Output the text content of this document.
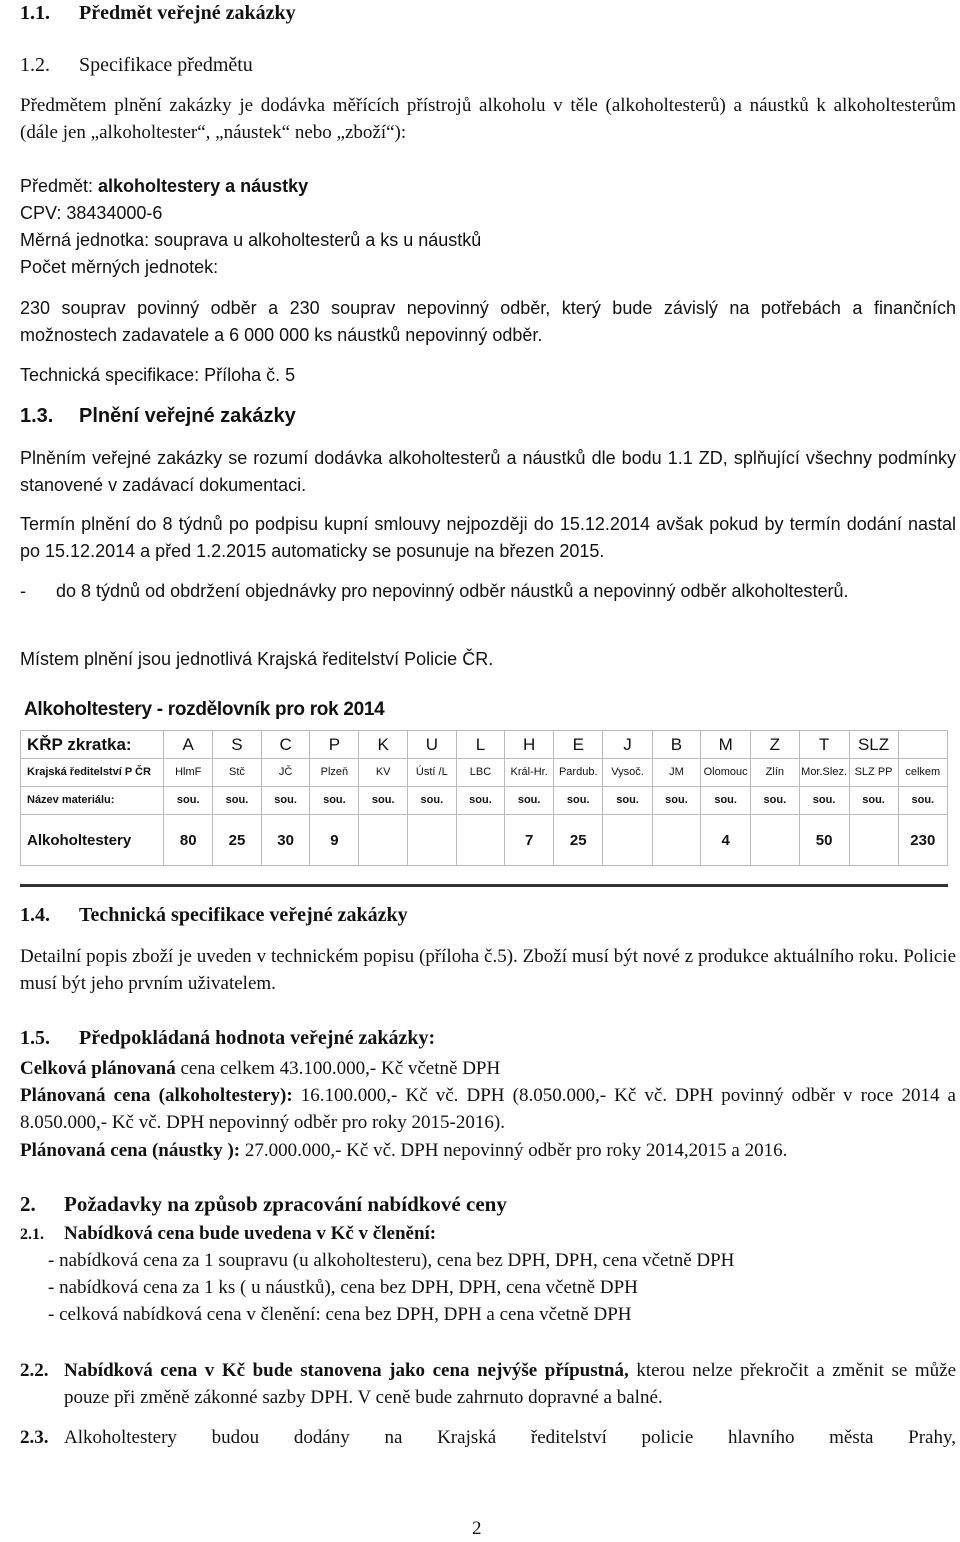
1.1. Předmět veřejné zakázky

1.2. Specifikace předmětu

Předmětem plnění zakázky je dodávka měřících přístrojů alkoholu v těle (alkoholtesterů) a náustků k alkoholtesterům (dále jen „alkoholtester“, „náustek“ nebo „zboží“):

Předmět: alkoholtestery a náustky
CPV: 38434000-6
Měrná jednotka: souprava u alkoholtesterů a ks u náustků
Počet měrných jednotek:

230 souprav povinný odběr a 230 souprav nepovinný odběr, který bude závislý na potřebách a finančních možnostech zadavatele a 6 000 000 ks náustků nepovinný odběr.

Technická specifikace: Příloha č. 5

1.3. Plnění veřejné zakázky

Plněním veřejné zakázky se rozumí dodávka alkoholtesterů a náustků dle bodu 1.1 ZD, splňující všechny podmínky stanovené v zadávací dokumentaci.

Termín plnění do 8 týdnů po podpisu kupní smlouvy nejpozději do 15.12.2014 avšak pokud by termín dodání nastal po 15.12.2014 a před 1.2.2015 automaticky se posunuje na březen 2015.

-	do 8 týdnů od obdržení objednávky pro nepovinný odběr náustků a nepovinný odběr alkoholtesterů.

Místem plnění jsou jednotlivá Krajská ředitelství Policie ČR.

Alkoholtestery - rozdělovník pro rok 2014
KŘP zkratka:	A	S	C	P	K	U	L	H	E	J	B	M	Z	T	SLZ	
Krajská ředitelství P ČR	HlmF	Stč	JČ	Plzeň	KV	Ústí /L	LBC	Král-Hr.	Pardub.	Vysoč.	JM	Olomouc	Zlín	Mor.Slez.	SLZ PP	celkem
Název materiálu:	sou.	sou.	sou.	sou.	sou.	sou.	sou.	sou.	sou.	sou.	sou.	sou.	sou.	sou.	sou.	sou.
Alkoholtestery	80	25	30	9				7	25			4		50		230

1.4. Technická specifikace veřejné zakázky

Detailní popis zboží je uveden v technickém popisu (příloha č.5). Zboží musí být nové z produkce aktuálního roku. Policie musí být jeho prvním uživatelem.

1.5. Předpokládaná hodnota veřejné zakázky:

Celková plánovaná cena celkem 43.100.000,- Kč včetně DPH

Plánovaná cena (alkoholtestery): 16.100.000,- Kč vč. DPH (8.050.000,- Kč vč. DPH povinný odběr v roce 2014 a 8.050.000,- Kč vč. DPH nepovinný odběr pro roky 2015-2016).

Plánovaná cena (náustky ): 27.000.000,- Kč vč. DPH nepovinný odběr pro roky 2014,2015 a 2016.

2. Požadavky na způsob zpracování nabídkové ceny

2.1. Nabídková cena bude uvedena v Kč v členění:

- nabídková cena za 1 soupravu (u alkoholtesteru), cena bez DPH, DPH, cena včetně DPH
- nabídková cena za 1 ks ( u náustků), cena bez DPH, DPH, cena včetně DPH
- celková nabídková cena v členění: cena bez DPH, DPH a cena včetně DPH
2.2. Nabídková cena v Kč bude stanovena jako cena nejvýše přípustná, kterou nelze překročit a změnit se může pouze při změně zákonné sazby DPH. V ceně bude zahrnuto dopravné a balné.
2.3. Alkoholtestery budou dodány na Krajská ředitelství policie hlavního města Prahy,
2
